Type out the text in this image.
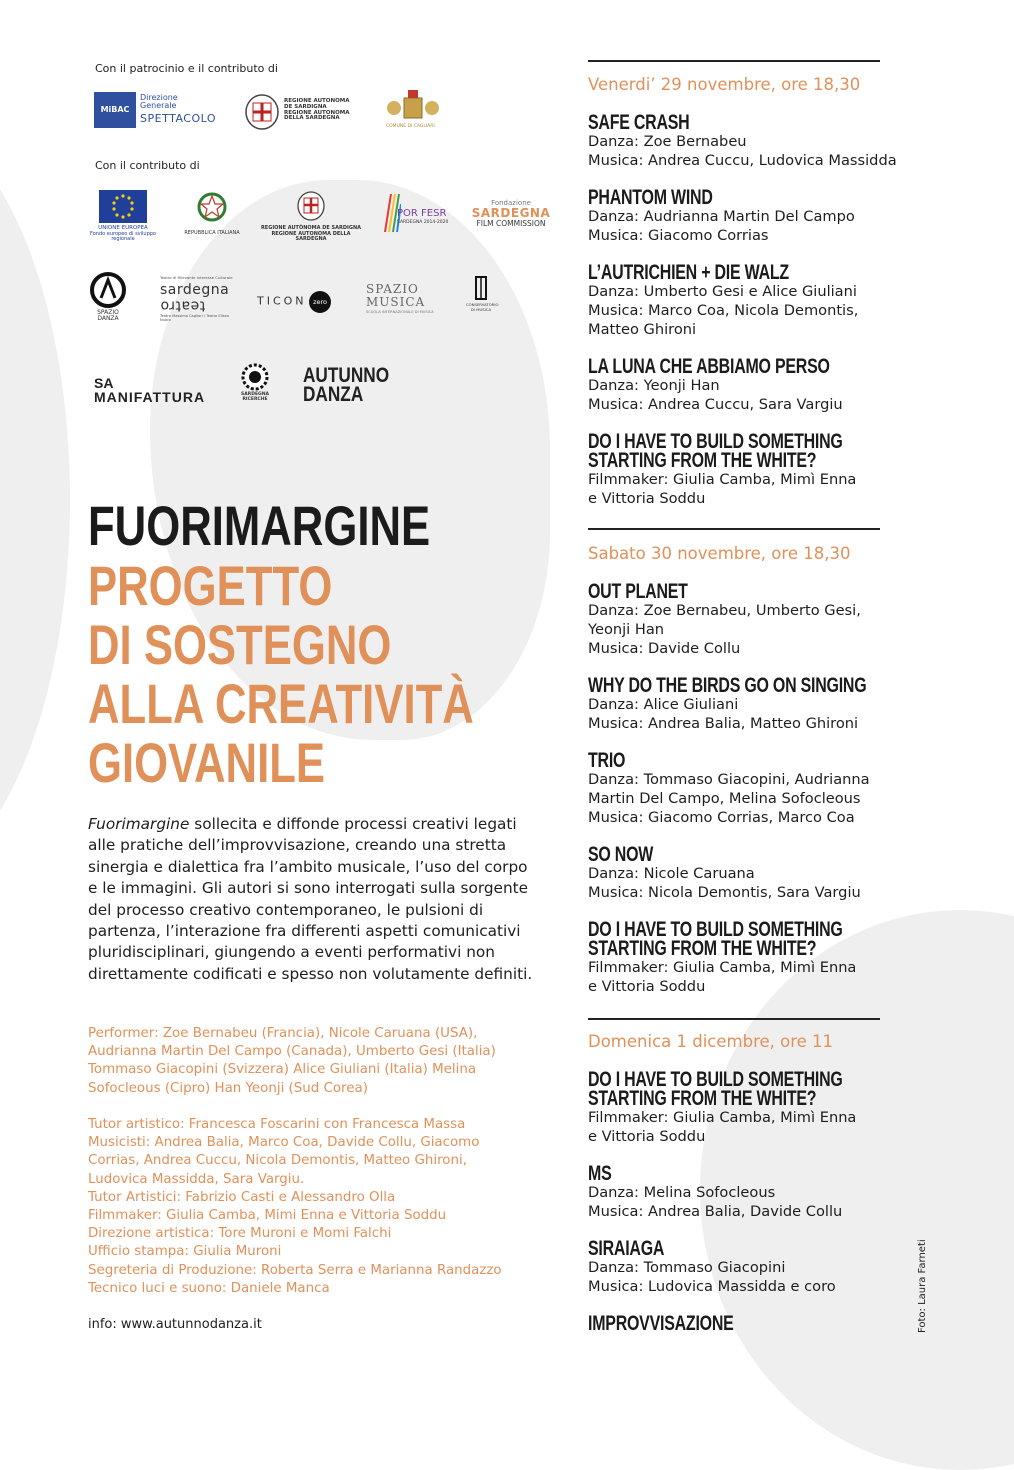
Con il patrocinio e il contributo di
MiBAC
Direzione
Generale
SPETTACOLO
REGIONE AUTONOMA
DE SARDIGNA
REGIONE AUTONOMA
DELLA SARDEGNA
COMUNE DI CAGLIARI
Con il contributo di
UNIONE EUROPEA
Fondo europeo di sviluppo regionale
REPUBBLICA ITALIANA
REGIONE AUTÒNOMA DE SARDIGNA
REGIONE AUTONOMA DELLA SARDEGNA
POR FESR
SARDEGNA 2014-2020
Fondazione
SARDEGNA
FILM COMMISSION
SPAZIO
DANZA
Teatro di Rilevante Interesse Culturale
sardegna
teatro
Teatro Massimo Cagliari / Teatro Eliseo Nuoro
TICON zero
SPAZIO
MUSICA
SCUOLA INTERNAZIONALE DI MUSICA
CONSERVATORIO
DI MUSICA
SA
MANIFATTURA	SARDEGNA
RICERCHE
AUTUNNO
DANZA
FUORIMARGINE
PROGETTO
DI SOSTEGNO
ALLA CREATIVITÀ
GIOVANILE
Fuorimargine sollecita e diffonde processi creativi legati alle pratiche dell’improvvisazione, creando una stretta sinergia e dialettica fra l’ambito musicale, l’uso del corpo e le immagini. Gli autori si sono interrogati sulla sorgente del processo creativo contemporaneo, le pulsioni di partenza, l’interazione fra differenti aspetti comunicativi pluridisciplinari, giungendo a eventi performativi non direttamente codificati e spesso non volutamente definiti.
Performer: Zoe Bernabeu (Francia), Nicole Caruana (USA),
Audrianna Martin Del Campo (Canada), Umberto Gesi (Italia)
Tommaso Giacopini (Svizzera) Alice Giuliani (Italia) Melina
Sofocleous (Cipro) Han Yeonji (Sud Corea)
Tutor artistico: Francesca Foscarini con Francesca Massa
Musicisti: Andrea Balia, Marco Coa, Davide Collu, Giacomo
Corrias, Andrea Cuccu, Nicola Demontis, Matteo Ghironi,
Ludovica Massidda, Sara Vargiu.
Tutor Artistici: Fabrizio Casti e Alessandro Olla
Filmmaker: Giulia Camba, Mimi Enna e Vittoria Soddu
Direzione artistica: Tore Muroni e Momi Falchi
Ufficio stampa: Giulia Muroni
Segreteria di Produzione: Roberta Serra e Marianna Randazzo
Tecnico luci e suono: Daniele Manca
info: www.autunnodanza.it
Venerdi’ 29 novembre, ore 18,30
SAFE CRASH
Danza: Zoe Bernabeu
Musica: Andrea Cuccu, Ludovica Massidda
PHANTOM WIND
Danza: Audrianna Martin Del Campo
Musica: Giacomo Corrias
L’AUTRICHIEN + DIE WALZ
Danza: Umberto Gesi e Alice Giuliani
Musica: Marco Coa, Nicola Demontis,
Matteo Ghironi
LA LUNA CHE ABBIAMO PERSO
Danza: Yeonji Han
Musica: Andrea Cuccu, Sara Vargiu
DO I HAVE TO BUILD SOMETHING
STARTING FROM THE WHITE?
Filmmaker: Giulia Camba, Mimì Enna
e Vittoria Soddu
Sabato 30 novembre, ore 18,30
OUT PLANET
Danza: Zoe Bernabeu, Umberto Gesi,
Yeonji Han
Musica: Davide Collu
WHY DO THE BIRDS GO ON SINGING
Danza: Alice Giuliani
Musica: Andrea Balia, Matteo Ghironi
TRIO
Danza: Tommaso Giacopini, Audrianna
Martin Del Campo, Melina Sofocleous
Musica: Giacomo Corrias, Marco Coa
SO NOW
Danza: Nicole Caruana
Musica: Nicola Demontis, Sara Vargiu
DO I HAVE TO BUILD SOMETHING
STARTING FROM THE WHITE?
Filmmaker: Giulia Camba, Mimì Enna
e Vittoria Soddu
Domenica 1 dicembre, ore 11
DO I HAVE TO BUILD SOMETHING
STARTING FROM THE WHITE?
Filmmaker: Giulia Camba, Mimì Enna
e Vittoria Soddu
MS
Danza: Melina Sofocleous
Musica: Andrea Balia, Davide Collu
SIRAIAGA
Danza: Tommaso Giacopini
Musica: Ludovica Massidda e coro
IMPROVVISAZIONE	Foto: Laura Farneti
